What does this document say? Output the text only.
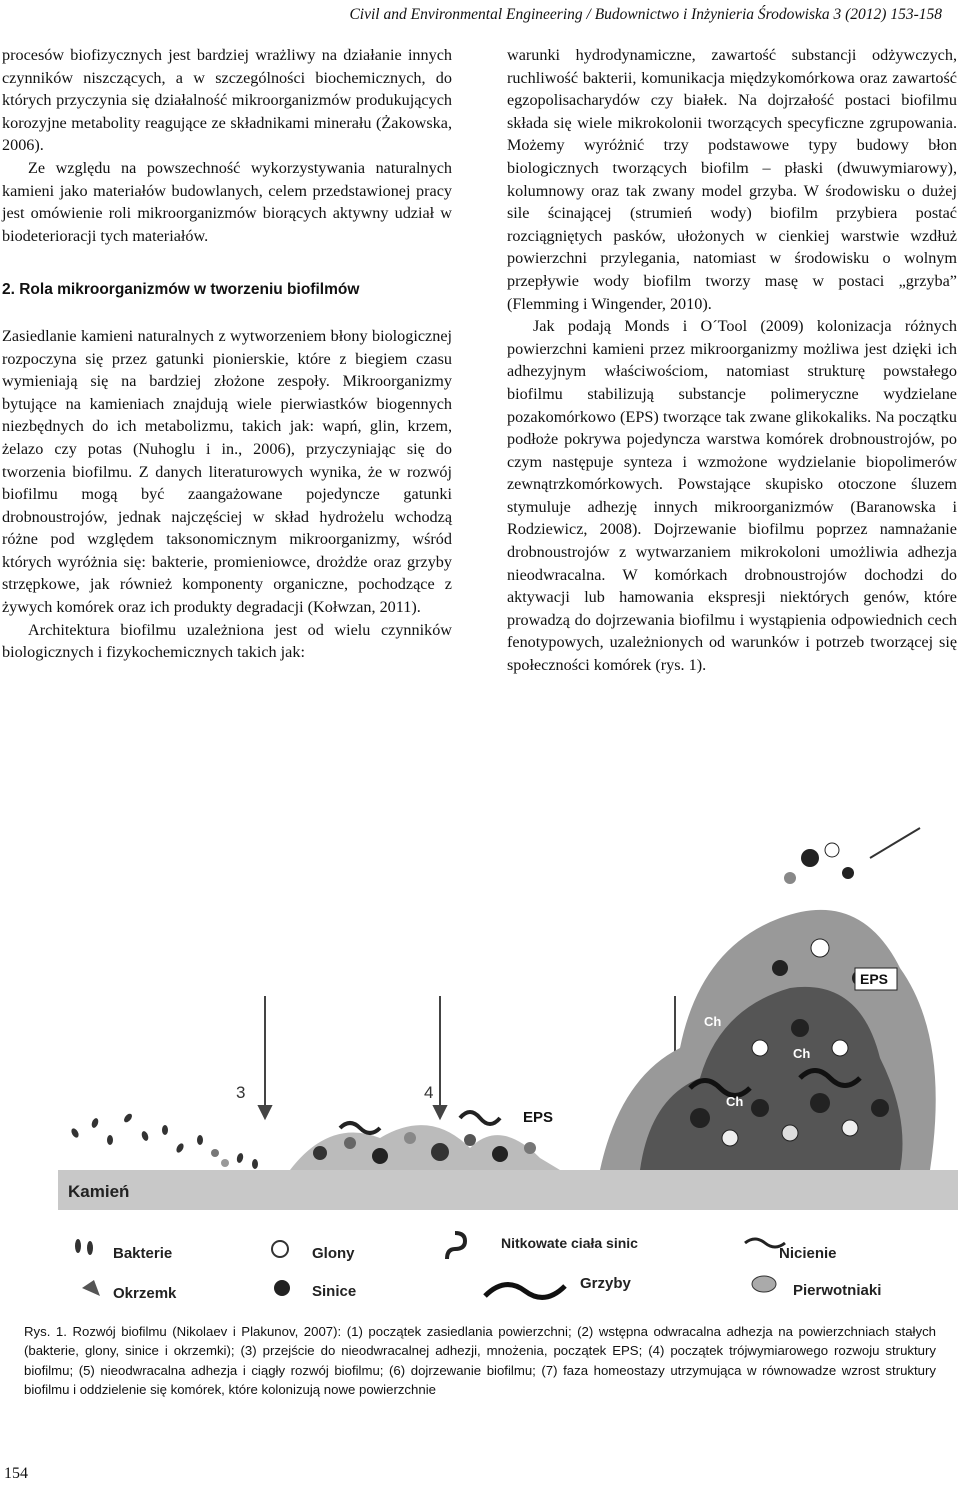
Civil and Environmental Engineering / Budownictwo i Inżynieria Środowiska 3 (2012) 153-158

procesów biofizycznych jest bardziej wrażliwy na działanie innych czynników niszczących, a w szczególności biochemicznych, do których przyczynia się działalność mikroorganizmów produkujących korozyjne metabolity reagujące ze składnikami minerału (Żakowska, 2006).

Ze względu na powszechność wykorzystywania naturalnych kamieni jako materiałów budowlanych, celem przedstawionej pracy jest omówienie roli mikroorganizmów biorących aktywny udział w biodeterioracji tych materiałów.

2. Rola mikroorganizmów w tworzeniu biofilmów

Zasiedlanie kamieni naturalnych z wytworzeniem błony biologicznej rozpoczyna się przez gatunki pionierskie, które z biegiem czasu wymieniają się na bardziej złożone zespoły. Mikroorganizmy bytujące na kamieniach znajdują wiele pierwiastków biogennych niezbędnych do ich metabolizmu, takich jak: wapń, glin, krzem, żelazo czy potas (Nuhoglu i in., 2006), przyczyniając się do tworzenia biofilmu. Z danych literaturowych wynika, że w rozwój biofilmu mogą być zaangażowane pojedyncze gatunki drobnoustrojów, jednak najczęściej w skład hydrożelu wchodzą różne pod względem taksonomicznym mikroorganizmy, wśród których wyróżnia się: bakterie, promieniowce, drożdże oraz grzyby strzępkowe, jak również komponenty organiczne, pochodzące z żywych komórek oraz ich produkty degradacji (Kołwzan, 2011).

Architektura biofilmu uzależniona jest od wielu czynników biologicznych i fizykochemicznych takich jak:

warunki hydrodynamiczne, zawartość substancji odżywczych, ruchliwość bakterii, komunikacja międzykomórkowa oraz zawartość egzopolisacharydów czy białek. Na dojrzałość postaci biofilmu składa się wiele mikrokolonii tworzących specyficzne zgrupowania. Możemy wyróżnić trzy podstawowe typy budowy błon biologicznych tworzących biofilm – płaski (dwuwymiarowy), kolumnowy oraz tak zwany model grzyba. W środowisku o dużej sile ścinającej (strumień wody) biofilm przybiera postać rozciągniętych pasków, ułożonych w cienkiej warstwie wzdłuż powierzchni przylegania, natomiast w środowisku o wolnym przepływie wody biofilm tworzy masę w postaci „grzyba” (Flemming i Wingender, 2010).

Jak podają Monds i O´Tool (2009) kolonizacja różnych powierzchni kamieni przez mikroorganizmy możliwa jest dzięki ich adhezyjnym właściwościom, natomiast strukturę powstałego biofilmu stabilizują substancje polimeryczne wydzielane pozakomórkowo (EPS) tworzące tak zwane glikokaliks. Na początku podłoże pokrywa pojedyncza warstwa komórek drobnoustrojów, po czym następuje synteza i wzmożone wydzielanie biopolimerów zewnątrzkomórkowych. Powstające skupisko otoczone śluzem stymuluje adhezję innych mikroorganizmów (Baranowska i Rodziewicz, 2008). Dojrzewanie biofilmu poprzez namnażanie drobnoustrojów z wytwarzaniem mikrokoloni umożliwia adhezja nieodwracalna. W komórkach drobnoustrojów dochodzi do aktywacji lub hamowania ekspresji niektórych genów, które prowadzą do dojrzewania biofilmu i wystąpienia odpowiednich cech fenotypowych, uzależnionych od warunków i potrzeb tworzącej się społeczności komórek (rys. 1).

Kamień
3	4
EPS
EPS
Ch
Ch
Ch
Bakterie	Glony
Nitkowate ciała sinic
Nicienie
Okrzemk	Sinice	Grzyby	Pierwotniaki
Rys. 1. Rozwój biofilmu (Nikolaev i Plakunov, 2007): (1) początek zasiedlania powierzchni; (2) wstępna odwracalna adhezja na powierzchniach stałych (bakterie, glony, sinice i okrzemki); (3) przejście do nieodwracalnej adhezji, mnożenia, początek EPS; (4) początek trójwymiarowego rozwoju struktury biofilmu; (5) nieodwracalna adhezja i ciągły rozwój biofilmu; (6) dojrzewanie biofilmu; (7) faza homeostazy utrzymująca w równowadze wzrost struktury biofilmu i oddzielenie się komórek, które kolonizują nowe powierzchnie
154
